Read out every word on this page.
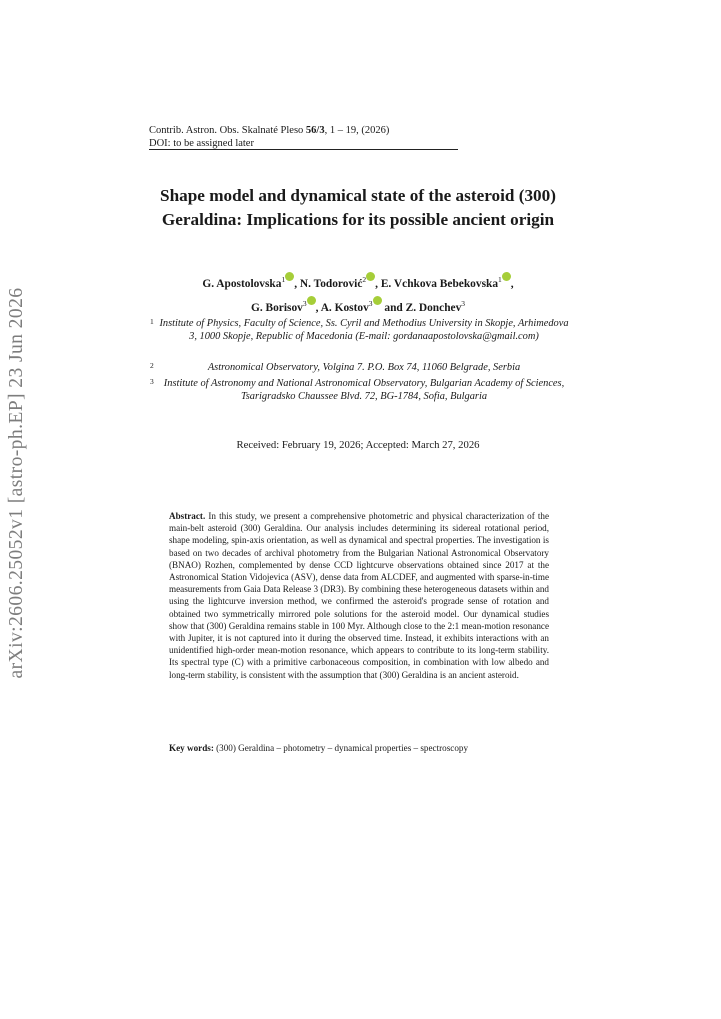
Contrib. Astron. Obs. Skalnaté Pleso 56/3, 1 – 19, (2026)
DOI: to be assigned later
Shape model and dynamical state of the asteroid (300) Geraldina: Implications for its possible ancient origin
G. Apostolovska$^1$ , N. Todorović$^2$ , E. Vchkova Bebekovska$^1$ ,
G. Borisov$^3$ , A. Kostov$^3$ and Z. Donchev$^3$
1 Institute of Physics, Faculty of Science, Ss. Cyril and Methodius University in Skopje, Arhimedova 3, 1000 Skopje, Republic of Macedonia (E-mail: gordanaapostolovska@gmail.com)
2	Astronomical Observatory, Volgina 7. P.O. Box 74, 11060 Belgrade, Serbia
3 Institute of Astronomy and National Astronomical Observatory, Bulgarian Academy of Sciences, Tsarigradsko Chaussee Blvd. 72, BG-1784, Sofia, Bulgaria
Received: February 19, 2026; Accepted: March 27, 2026
Abstract. In this study, we present a comprehensive photometric and physical characterization of the main-belt asteroid (300) Geraldina. Our analysis includes determining its sidereal rotational period, shape modeling, spin-axis orientation, as well as dynamical and spectral properties. The investigation is based on two decades of archival photometry from the Bulgarian National Astronomical Observatory (BNAO) Rozhen, complemented by dense CCD lightcurve observations obtained since 2017 at the Astronomical Station Vidojevica (ASV), dense data from ALCDEF, and augmented with sparse-in-time measurements from Gaia Data Release 3 (DR3). By combining these heterogeneous datasets within and using the lightcurve inversion method, we confirmed the asteroid's prograde sense of rotation and obtained two symmetrically mirrored pole solutions for the asteroid model. Our dynamical studies show that (300) Geraldina remains stable in 100 Myr. Although close to the 2:1 mean-motion resonance with Jupiter, it is not captured into it during the observed time. Instead, it exhibits interactions with an unidentified high-order mean-motion resonance, which appears to contribute to its long-term stability. Its spectral type (C) with a primitive carbonaceous composition, in combination with low albedo and long-term stability, is consistent with the assumption that (300) Geraldina is an ancient asteroid.
Key words: (300) Geraldina – photometry – dynamical properties – spectroscopy
arXiv:2606.25052v1 [astro-ph.EP] 23 Jun 2026
